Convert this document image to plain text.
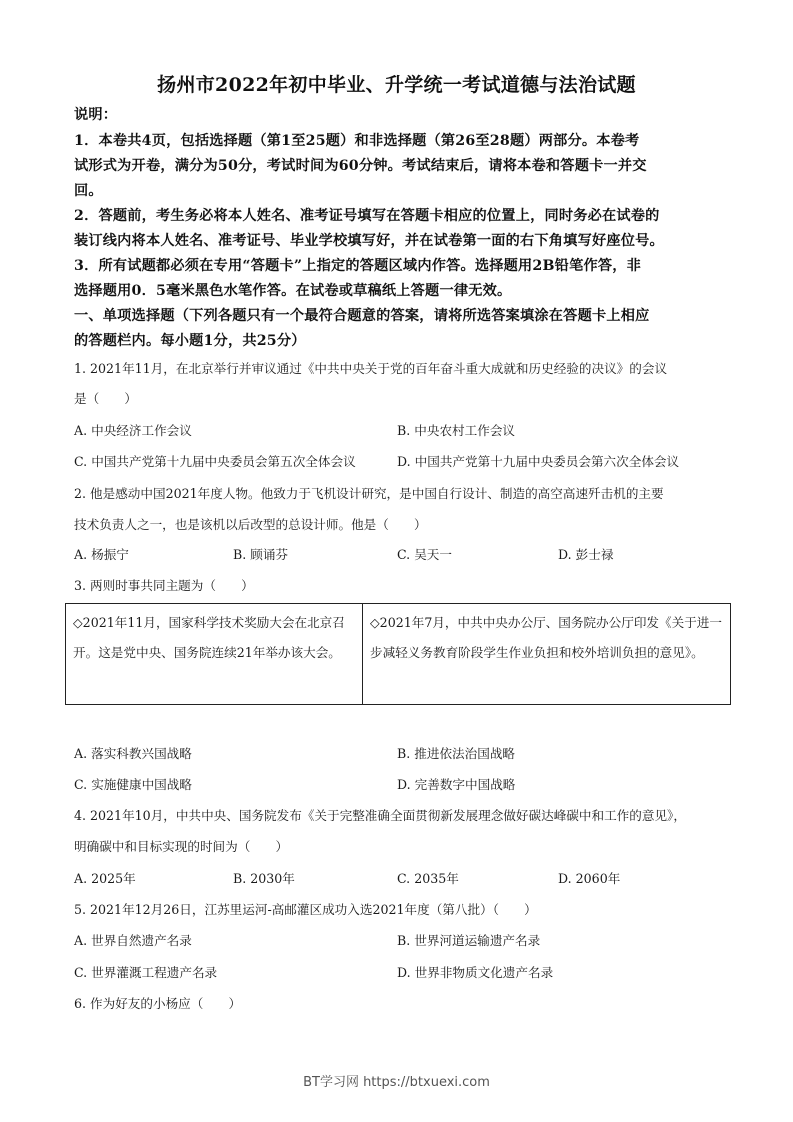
扬州市2022年初中毕业、升学统一考试道德与法治试题
说明：
1．本卷共4页，包括选择题（第1至25题）和非选择题（第26至28题）两部分。本卷考
试形式为开卷，满分为50分，考试时间为60分钟。考试结束后，请将本卷和答题卡一并交
回。
2．答题前，考生务必将本人姓名、准考证号填写在答题卡相应的位置上，同时务必在试卷的
装订线内将本人姓名、准考证号、毕业学校填写好，并在试卷第一面的右下角填写好座位号。
3．所有试题都必须在专用“答题卡”上指定的答题区域内作答。选择题用2B铅笔作答，非
选择题用0．5毫米黑色水笔作答。在试卷或草稿纸上答题一律无效。
一、单项选择题（下列各题只有一个最符合题意的答案，请将所选答案填涂在答题卡上相应
的答题栏内。每小题1分，共25分）
1. 2021年11月，在北京举行并审议通过《中共中央关于党的百年奋斗重大成就和历史经验的决议》的会议
是（　　）
A. 中央经济工作会议	B. 中央农村工作会议
C. 中国共产党第十九届中央委员会第五次全体会议	D. 中国共产党第十九届中央委员会第六次全体会议
2. 他是感动中国2021年度人物。他致力于飞机设计研究，是中国自行设计、制造的高空高速歼击机的主要
技术负责人之一，也是该机以后改型的总设计师。他是（　　）
A. 杨振宁	B. 顾诵芬	C. 吴天一	D. 彭士禄
3. 两则时事共同主题为（　　）
◇2021年11月，国家科学技术奖励大会在北京召开。这是党中央、国务院连续21年举办该大会。
◇2021年7月，中共中央办公厅、国务院办公厅印发《关于进一步减轻义务教育阶段学生作业负担和校外培训负担的意见》。
A. 落实科教兴国战略	B. 推进依法治国战略
C. 实施健康中国战略	D. 完善数字中国战略
4. 2021年10月，中共中央、国务院发布《关于完整准确全面贯彻新发展理念做好碳达峰碳中和工作的意见》，
明确碳中和目标实现的时间为（　　）
A. 2025年	B. 2030年	C. 2035年	D. 2060年
5. 2021年12月26日，江苏里运河-高邮灌区成功入选2021年度（第八批）（　　）
A. 世界自然遗产名录	B. 世界河道运输遗产名录
C. 世界灌溉工程遗产名录	D. 世界非物质文化遗产名录
6. 作为好友的小杨应（　　）
BT学习网 https://btxuexi.com
